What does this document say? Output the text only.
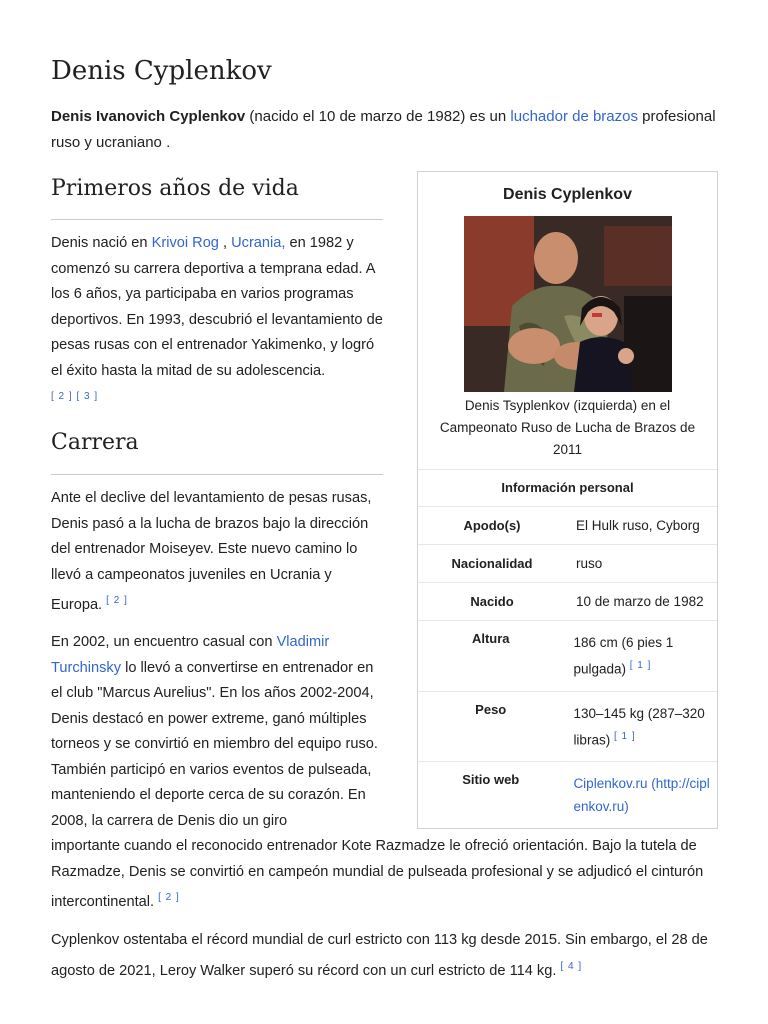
Denis Cyplenkov

Denis Ivanovich Cyplenkov (nacido el 10 de marzo de 1982) es un luchador de brazos profesional ruso y ucraniano .

Denis Cyplenkov
Denis Tsyplenkov (izquierda) en el Campeonato Ruso de Lucha de Brazos de 2011
Información personal
Apodo(s)	El Hulk ruso, Cyborg
Nacionalidad	ruso
Nacido	10 de marzo de 1982
Altura	186 cm (6 pies 1 pulgada) [ 1 ]
Peso	130–145 kg (287–320 libras) [ 1 ]
Sitio web	Ciplenkov.ru (http://ciplenkov.ru)
Primeros años de vida

Denis nació en Krivoi Rog , Ucrania, en 1982 y comenzó su carrera deportiva a temprana edad. A los 6 años, ya participaba en varios programas deportivos. En 1993, descubrió el levantamiento de pesas rusas con el entrenador Yakimenko, y logró el éxito hasta la mitad de su adolescencia.
[ 2 ] [ 3 ]

Carrera

Ante el declive del levantamiento de pesas rusas, Denis pasó a la lucha de brazos bajo la dirección del entrenador Moiseyev. Este nuevo camino lo llevó a campeonatos juveniles en Ucrania y Europa. [ 2 ]

En 2002, un encuentro casual con Vladimir Turchinsky lo llevó a convertirse en entrenador en el club "Marcus Aurelius". En los años 2002-2004, Denis destacó en power extreme, ganó múltiples torneos y se convirtió en miembro del equipo ruso. También participó en varios eventos de pulseada, manteniendo el deporte cerca de su corazón. En 2008, la carrera de Denis dio un giro

importante cuando el reconocido entrenador Kote Razmadze le ofreció orientación. Bajo la tutela de Razmadze, Denis se convirtió en campeón mundial de pulseada profesional y se adjudicó el cinturón intercontinental. [ 2 ]

Cyplenkov ostentaba el récord mundial de curl estricto con 113 kg desde 2015. Sin embargo, el 28 de agosto de 2021, Leroy Walker superó su récord con un curl estricto de 114 kg. [ 4 ]
